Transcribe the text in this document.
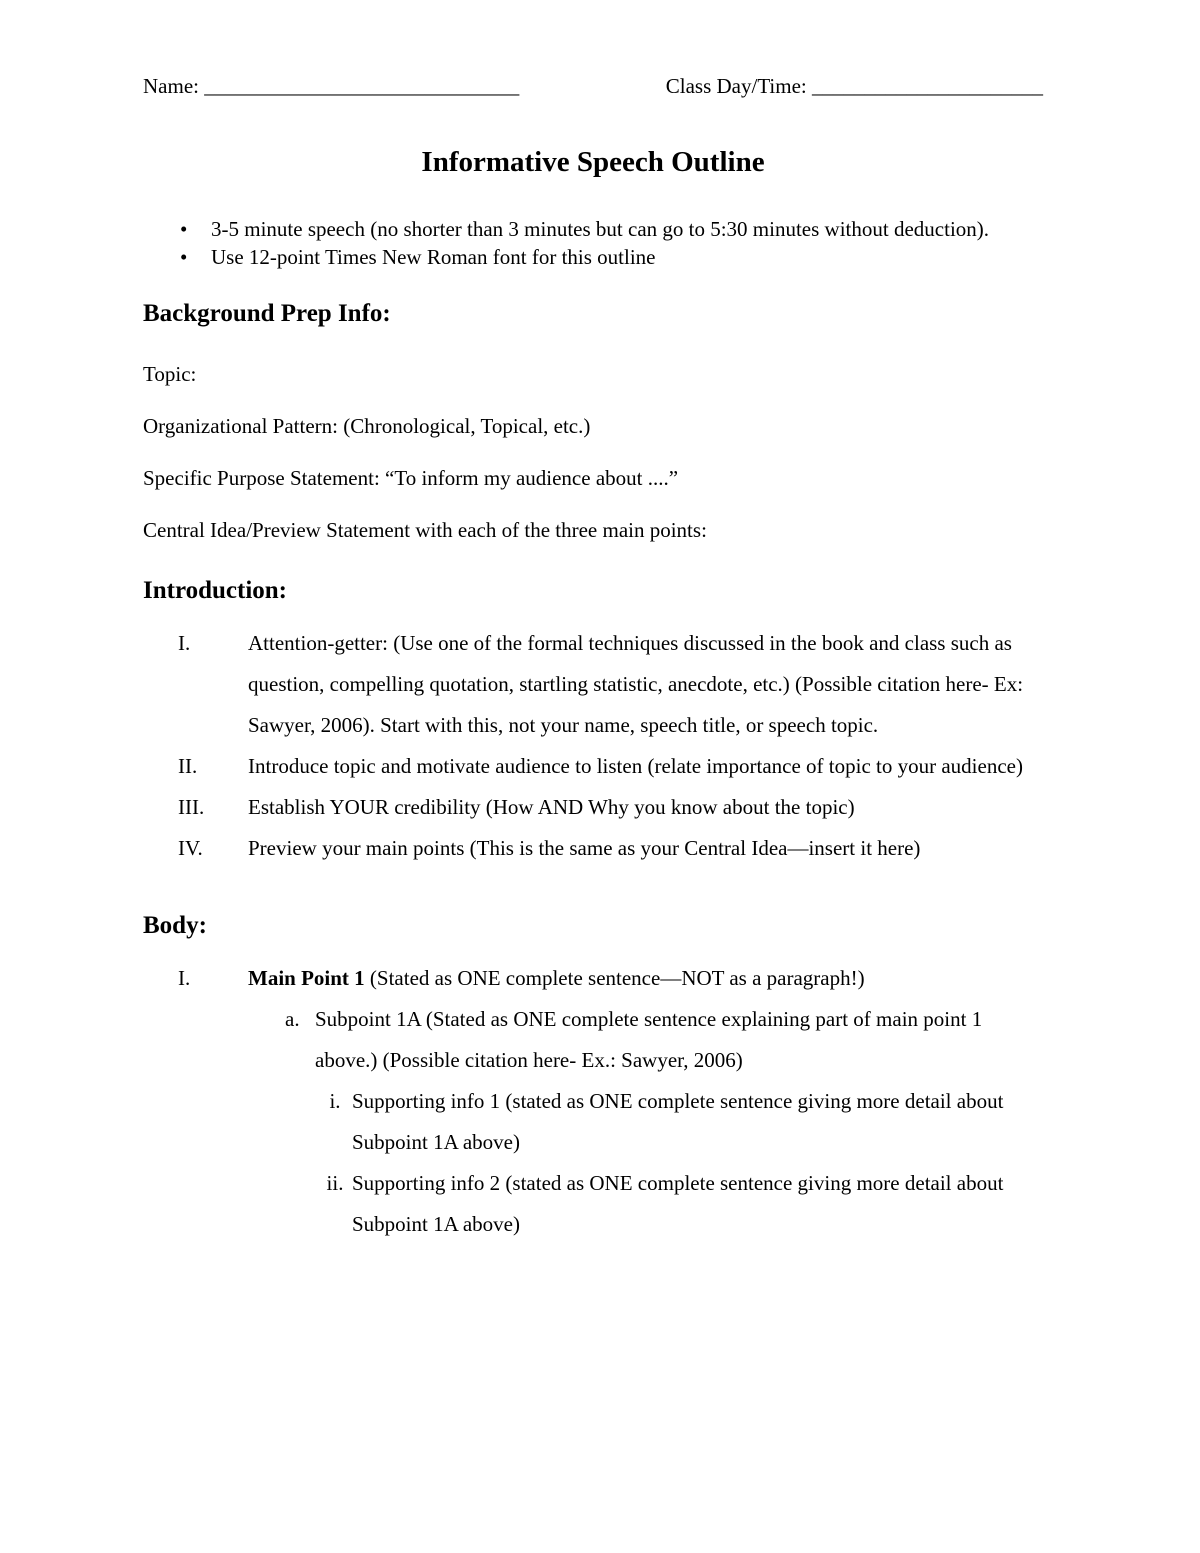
Name: ______________________________	Class Day/Time: ______________________
Informative Speech Outline
•	3-5 minute speech (no shorter than 3 minutes but can go to 5:30 minutes without deduction).
•	Use 12-point Times New Roman font for this outline
Background Prep Info:

Topic:

Organizational Pattern: (Chronological, Topical, etc.)

Specific Purpose Statement: “To inform my audience about ....”

Central Idea/Preview Statement with each of the three main points:

Introduction:
I.	Attention-getter: (Use one of the formal techniques discussed in the book and class such as question, compelling quotation, startling statistic, anecdote, etc.) (Possible citation here- Ex: Sawyer, 2006). Start with this, not your name, speech title, or speech topic.
II.	Introduce topic and motivate audience to listen (relate importance of topic to your audience)
III.	Establish YOUR credibility (How AND Why you know about the topic)
IV.	Preview your main points (This is the same as your Central Idea—insert it here)
Body:
I.	Main Point 1 (Stated as ONE complete sentence—NOT as a paragraph!)
a. Subpoint 1A (Stated as ONE complete sentence explaining part of main point 1 above.) (Possible citation here- Ex.: Sawyer, 2006)
i. Supporting info 1 (stated as ONE complete sentence giving more detail about Subpoint 1A above)
ii. Supporting info 2 (stated as ONE complete sentence giving more detail about Subpoint 1A above)
